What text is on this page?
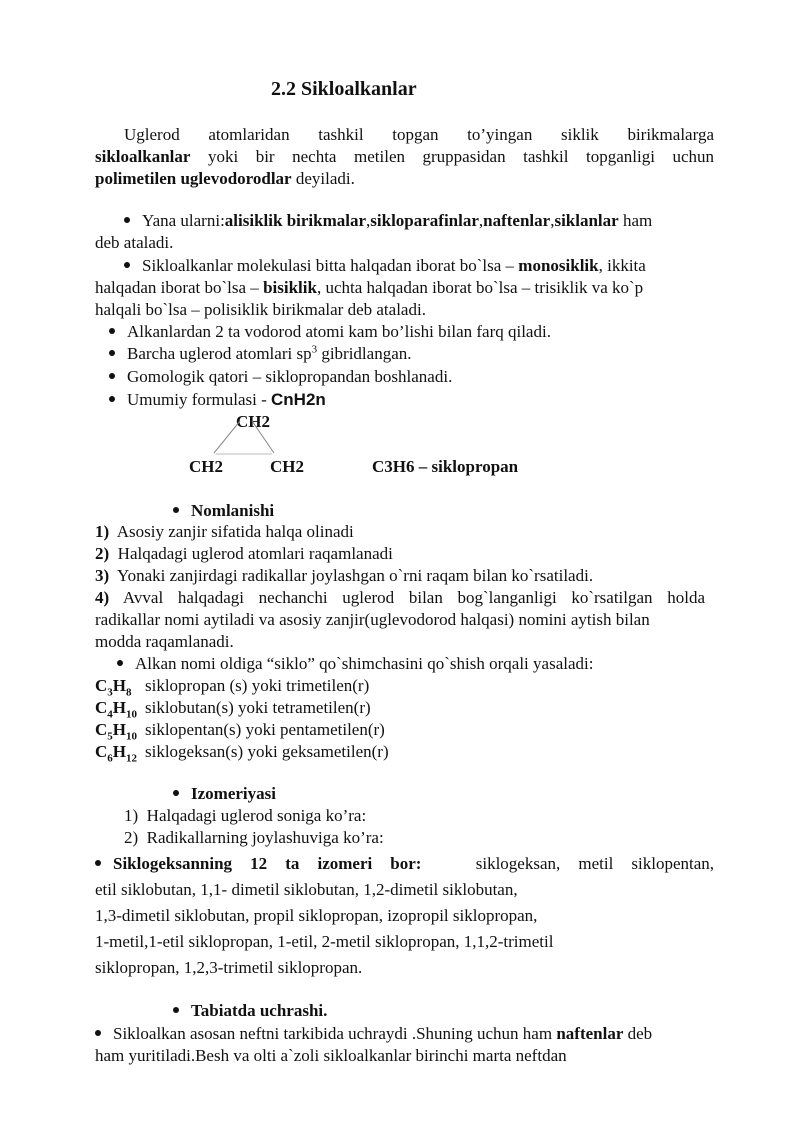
2.2 Sikloalkanlar
Uglerod atomlaridan tashkil topgan to’yingan siklik birikmalarga
sikloalkanlar yoki bir nechta metilen gruppasidan tashkil topganligi uchun
polimetilen uglevodorodlar deyiladi.
Yana ularni:alisiklik birikmalar,sikloparafinlar,naftenlar,siklanlar ham
deb ataladi.
Sikloalkanlar molekulasi bitta halqadan iborat bo`lsa – monosiklik, ikkita
halqadan iborat bo`lsa – bisiklik, uchta halqadan iborat bo`lsa – trisiklik va ko`p
halqali bo`lsa – polisiklik birikmalar deb ataladi.
Alkanlardan 2 ta vodorod atomi kam bo’lishi bilan farq qiladi.
Barcha uglerod atomlari $sp^3$ gibridlangan.
Gomologik qatori – siklopropandan boshlanadi.
Umumiy formulasi - CnH2n
CH2
CH2	CH2	C3H6 – siklopropan
Nomlanishi
1) Asosiy zanjir sifatida halqa olinadi
2) Halqadagi uglerod atomlari raqamlanadi
3) Yonaki zanjirdagi radikallar joylashgan o`rni raqam bilan ko`rsatiladi.
4) Avval halqadagi nechanchi uglerod bilan bog`langanligi ko`rsatilgan holda
radikallar nomi aytiladi va asosiy zanjir(uglevodorod halqasi) nomini aytish bilan
modda raqamlanadi.
Alkan nomi oldiga “siklo” qo`shimchasini qo`shish orqali yasaladi:
$C_3H_8$ siklopropan (s) yoki trimetilen(r)
$C_4H_{10}$ siklobutan(s) yoki tetrametilen(r)
$C_5H_{10}$ siklopentan(s) yoki pentametilen(r)
$C_6H_{12}$ siklogeksan(s) yoki geksametilen(r)
Izomeriyasi
1) Halqadagi uglerod soniga ko’ra:
2) Radikallarning joylashuviga ko’ra:
Siklogeksanning 12 ta izomeri bor:	siklogeksan, metil siklopentan,
etil siklobutan, 1,1- dimetil siklobutan, 1,2-dimetil siklobutan,
1,3-dimetil siklobutan, propil siklopropan, izopropil siklopropan,
1-metil,1-etil siklopropan, 1-etil, 2-metil siklopropan, 1,1,2-trimetil
siklopropan, 1,2,3-trimetil siklopropan.
Tabiatda uchrashi.
Sikloalkan asosan neftni tarkibida uchraydi .Shuning uchun ham naftenlar deb
ham yuritiladi.Besh va olti a`zoli sikloalkanlar birinchi marta neftdan
